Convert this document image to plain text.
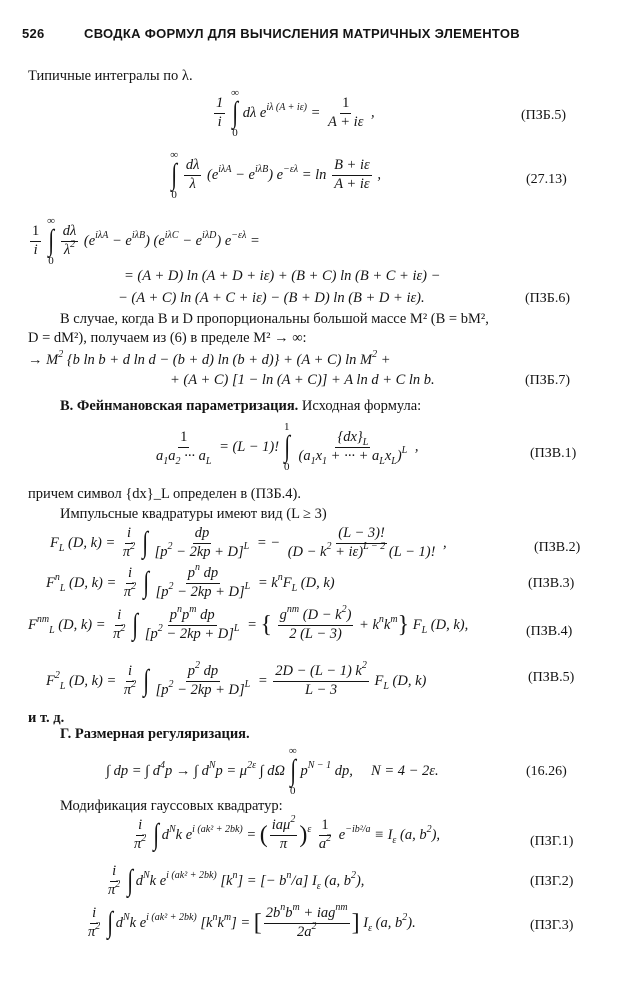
526	СВОДКА ФОРМУЛ ДЛЯ ВЫЧИСЛЕНИЯ МАТРИЧНЫХ ЭЛЕМЕНТОВ
Типичные интегралы по λ.
$\frac{1}{i}$

∞
∫
0
dλ $e^{i\lambda (A + i\varepsilon)} = \frac{1}{A + i\varepsilon}$ ,	(ПЗБ.5)
∞
∫
0

$\frac{d\lambda}{\lambda} (e^{i\lambda A} - e^{i\lambda B}) e^{-\varepsilon\lambda} = \ln \frac{B + i\varepsilon}{A + i\varepsilon}$ ,	(27.13)
$\frac{1}{i}$

∞
∫
0

$\frac{d\lambda}{\lambda^2} (e^{i\lambda A} - e^{i\lambda B}) (e^{i\lambda C} - e^{i\lambda D}) e^{-\varepsilon\lambda}$ =
= (A + D) ln (A + D + iε) + (B + C) ln (B + C + iε) −
− (A + C) ln (A + C + iε) − (B + D) ln (B + D + iε).	(ПЗБ.6)
В случае, когда B и D пропорциональны большой массе M² (B = bM²,
D = dM²), получаем из (6) в пределе M² → ∞:
→ $M^2$ {b ln b + d ln d − (b + d) ln (b + d)} + (A + C) $\ln M^2$ +
+ (A + C) [1 − ln (A + C)] + A ln d + C ln b.	(ПЗБ.7)
В. Фейнмановская параметризация. Исходная формула:
$\frac{1}{a_1a_2 \cdot\cdot\cdot a_L} = (L - 1)$!
1
∫
0

$\frac{\{dx\}_L}{(a_1x_1 + \cdot\cdot\cdot + a_Lx_L)^L}$ ,	(ПЗВ.1)
причем символ {dx}_L определен в (ПЗБ.4).
Импульсные квадратуры имеют вид (L ≥ 3)
$F_L$ (D, $k) = \frac{i}{\pi^2}$ ∫ $\frac{dp}{[p^2 - 2kp + D]^L}$ = − $\frac{(L - 3)!}{(D - k^2 + i\varepsilon)^{L - 2} (L - 1)!}$ ,	(ПЗВ.2)
$F^n_L$ (D, $k) = \frac{i}{\pi^2}$ ∫ $\frac{p^n dp}{[p^2 - 2kp + D]^L} = k^nF_L$ (D, k)	(ПЗВ.3)
$F^{nm}_L$ (D, $k) = \frac{i}{\pi^2}$ ∫ $\frac{p^np^m dp}{[p^2 - 2kp + D]^L}$ = { $\frac{g^{nm} (D - k^2)}{2 (L - 3)} + k^nk^m$} $F_L$ (D, k),	(ПЗВ.4)
$F^2_L$ (D, $k) = \frac{i}{\pi^2}$ ∫ $\frac{p^2 dp}{[p^2 - 2kp + D]^L} = \frac{2D - (L - 1) k^2}{L - 3} F_L$ (D, k)	(ПЗВ.5)
и т. д.
Г. Размерная регуляризация.
∫ dp = ∫ $d^4p$ → ∫ $d^Np = \mu^{2\varepsilon}$ ∫ dΩ
∞
∫
0
$p^{N - 1}$ dp,     N = 4 − 2ε.	(16.26)
Модификация гауссовых квадратур:
$\frac{i}{\pi^2}$ ∫ $d^Nk$ $e^{i (ak^2 + 2bk)}$ = ( $\frac{ia\mu^2}{\pi} )^\varepsilon \frac{1}{a^2} e^{-ib^2/a} \equiv I_\varepsilon$ (a, $b^2$),	(ПЗГ.1)
$\frac{i}{\pi^2}$ ∫ $d^Nk$ $e^{i (ak^2 + 2bk)}$ $[k^n]$ = [− $b^n/a$] $I_\varepsilon$ (a, $b^2$),	(ПЗГ.2)
$\frac{i}{\pi^2}$ ∫ $d^Nk$ $e^{i (ak^2 + 2bk)}$ $[k^nk^m]$ = [ $\frac{2b^nb^m + iag^{nm}}{2a^2}$ ] $I_\varepsilon$ (a, $b^2$).	(ПЗГ.3)
